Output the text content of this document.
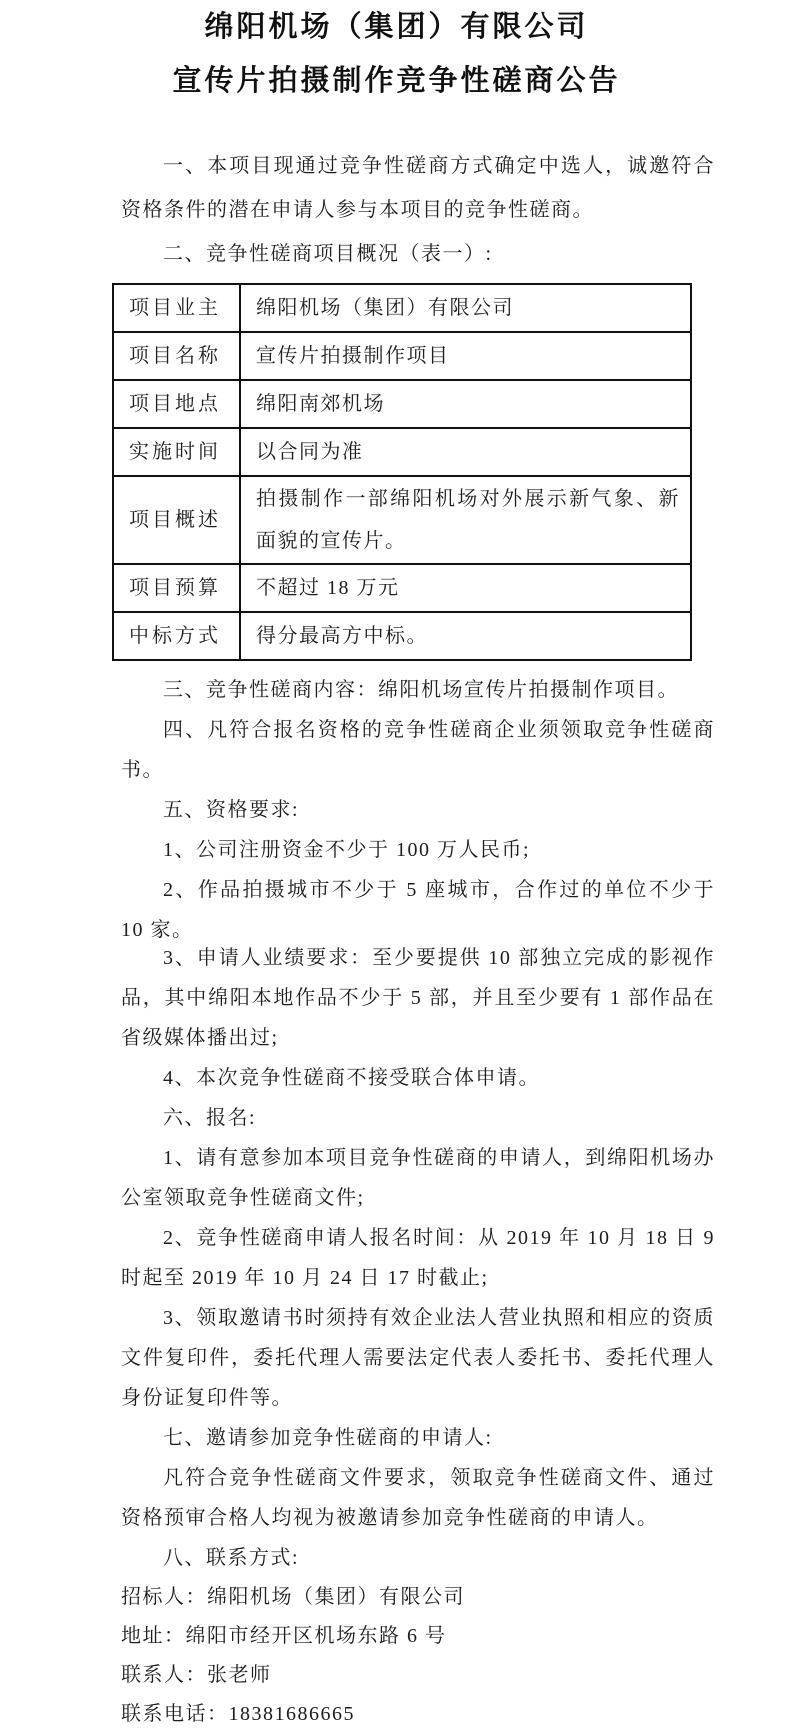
绵阳机场（集团）有限公司
宣传片拍摄制作竞争性磋商公告

一、本项目现通过竞争性磋商方式确定中选人，诚邀符合资格条件的潜在申请人参与本项目的竞争性磋商。

二、竞争性磋商项目概况（表一）:

项目业主	绵阳机场（集团）有限公司
项目名称	宣传片拍摄制作项目
项目地点	绵阳南郊机场
实施时间	以合同为准
项目概述	拍摄制作一部绵阳机场对外展示新气象、新面貌的宣传片。
项目预算	不超过 18 万元
中标方式	得分最高方中标。

三、竞争性磋商内容：绵阳机场宣传片拍摄制作项目。

四、凡符合报名资格的竞争性磋商企业须领取竞争性磋商书。

五、资格要求:

1、公司注册资金不少于 100 万人民币;

2、作品拍摄城市不少于 5 座城市，合作过的单位不少于 10 家。

3、申请人业绩要求：至少要提供 10 部独立完成的影视作品，其中绵阳本地作品不少于 5 部，并且至少要有 1 部作品在省级媒体播出过;

4、本次竞争性磋商不接受联合体申请。

六、报名:

1、请有意参加本项目竞争性磋商的申请人，到绵阳机场办公室领取竞争性磋商文件;

2、竞争性磋商申请人报名时间：从 2019 年 10 月 18 日 9 时起至 2019 年 10 月 24 日 17 时截止;

3、领取邀请书时须持有效企业法人营业执照和相应的资质文件复印件，委托代理人需要法定代表人委托书、委托代理人身份证复印件等。

七、邀请参加竞争性磋商的申请人:

凡符合竞争性磋商文件要求，领取竞争性磋商文件、通过资格预审合格人均视为被邀请参加竞争性磋商的申请人。

八、联系方式:

招标人：绵阳机场（集团）有限公司

地址：绵阳市经开区机场东路 6 号

联系人：张老师

联系电话：18381686665
